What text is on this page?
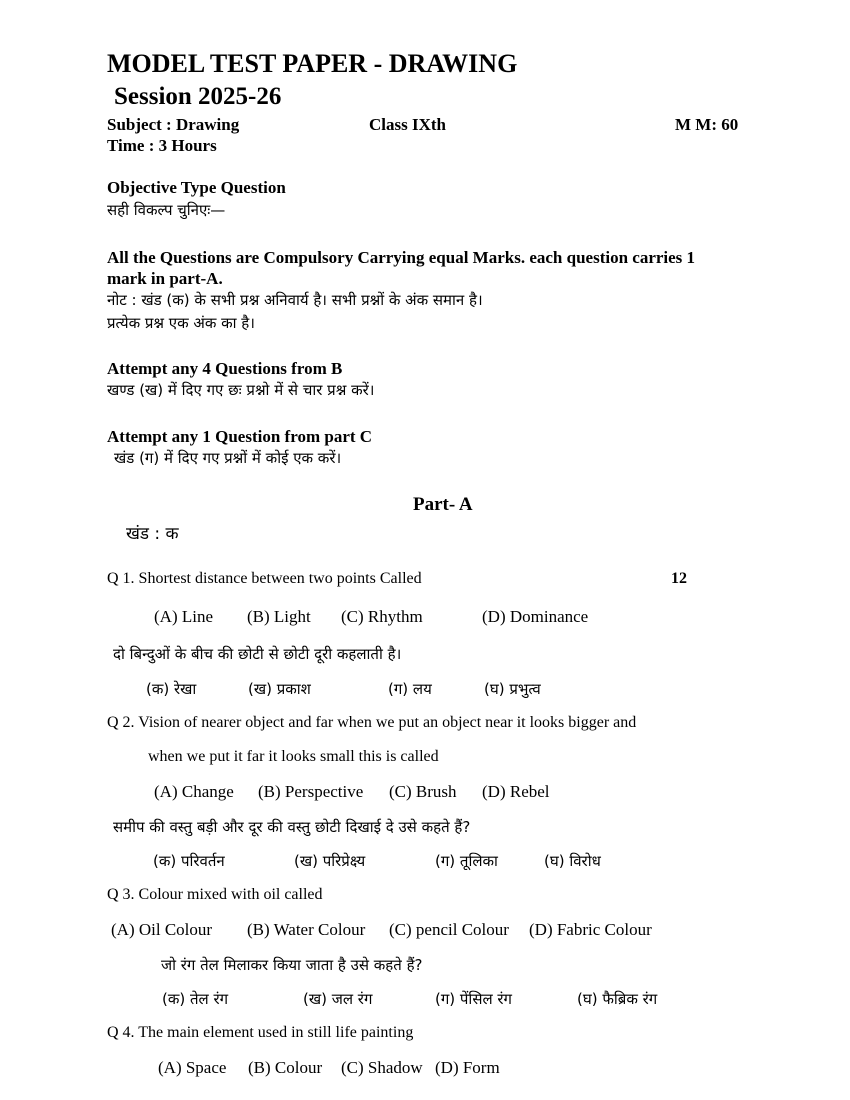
MODEL TEST PAPER - DRAWING
Session 2025-26
Subject : Drawing	Class IXth	M M: 60
Time : 3 Hours
Objective Type Question
सही विकल्प चुनिएः—
All the Questions are Compulsory Carrying equal Marks. each question carries 1
mark in part-A.
नोट : खंड (क) के सभी प्रश्न अनिवार्य है। सभी प्रश्नों के अंक समान है।
प्रत्येक प्रश्न एक अंक का है।
Attempt any 4 Questions from B
खण्ड (ख) में दिए गए छः प्रश्नो में से चार प्रश्न करें।
Attempt any 1 Question from part C
खंड (ग) में दिए गए प्रश्नों में कोई एक करें।
Part- A
खंड : क
Q 1. Shortest distance between two points Called	12
(A) Line (B) Light (C) Rhythm	(D) Dominance
दो बिन्दुओं के बीच की छोटी से छोटी दूरी कहलाती है।
(क) रेखा	(ख) प्रकाश	(ग) लय	(घ) प्रभुत्व
Q 2. Vision of nearer object and far when we put an object near it looks bigger and
when we put it far it looks small this is called
(A) Change (B) Perspective (C) Brush (D) Rebel
समीप की वस्तु बड़ी और दूर की वस्तु छोटी दिखाई दे उसे कहते हैं?
(क) परिवर्तन	(ख) परिप्रेक्ष्य	(ग) तूलिका	(घ) विरोध
Q 3. Colour mixed with oil called
(A) Oil Colour (B) Water Colour (C) pencil Colour (D) Fabric Colour
जो रंग तेल मिलाकर किया जाता है उसे कहते हैं?
(क) तेल रंग	(ख) जल रंग	(ग) पेंसिल रंग	(घ) फैब्रिक रंग
Q 4. The main element used in still life painting
(A) Space (B) Colour (C) Shadow (D) Form
